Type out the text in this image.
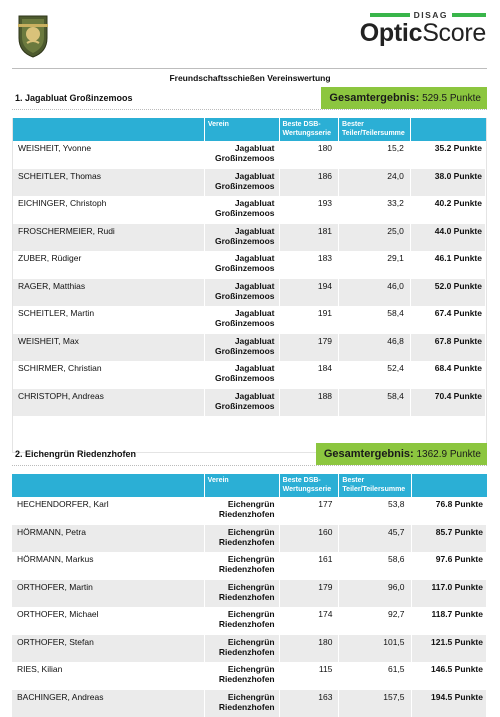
DISAG
OpticScore
Freundschaftsschießen Vereinswertung
1. Jagabluat Großinzemoos	Gesamtergebnis: 529.5 Punkte
	Verein	Beste DSB-
Wertungsserie	Bester
Teiler/Teilersumme	
WEISHEIT, Yvonne	Jagabluat
Großinzemoos	180	15,2	35.2 Punkte
SCHEITLER, Thomas	Jagabluat
Großinzemoos	186	24,0	38.0 Punkte
EICHINGER, Christoph	Jagabluat
Großinzemoos	193	33,2	40.2 Punkte
FROSCHERMEIER, Rudi	Jagabluat
Großinzemoos	181	25,0	44.0 Punkte
ZUBER, Rüdiger	Jagabluat
Großinzemoos	183	29,1	46.1 Punkte
RAGER, Matthias	Jagabluat
Großinzemoos	194	46,0	52.0 Punkte
SCHEITLER, Martin	Jagabluat
Großinzemoos	191	58,4	67.4 Punkte
WEISHEIT, Max	Jagabluat
Großinzemoos	179	46,8	67.8 Punkte
SCHIRMER, Christian	Jagabluat
Großinzemoos	184	52,4	68.4 Punkte
CHRISTOPH, Andreas	Jagabluat
Großinzemoos	188	58,4	70.4 Punkte

2. Eichengrün Riedenzhofen	Gesamtergebnis: 1362.9 Punkte
	Verein	Beste DSB-
Wertungsserie	Bester
Teiler/Teilersumme	
HECHENDORFER, Karl	Eichengrün
Riedenzhofen	177	53,8	76.8 Punkte
HÖRMANN, Petra	Eichengrün
Riedenzhofen	160	45,7	85.7 Punkte
HÖRMANN, Markus	Eichengrün
Riedenzhofen	161	58,6	97.6 Punkte
ORTHOFER, Martin	Eichengrün
Riedenzhofen	179	96,0	117.0 Punkte
ORTHOFER, Michael	Eichengrün
Riedenzhofen	174	92,7	118.7 Punkte
ORTHOFER, Stefan	Eichengrün
Riedenzhofen	180	101,5	121.5 Punkte
RIES, Kilian	Eichengrün
Riedenzhofen	115	61,5	146.5 Punkte
BACHINGER, Andreas	Eichengrün
Riedenzhofen	163	157,5	194.5 Punkte
